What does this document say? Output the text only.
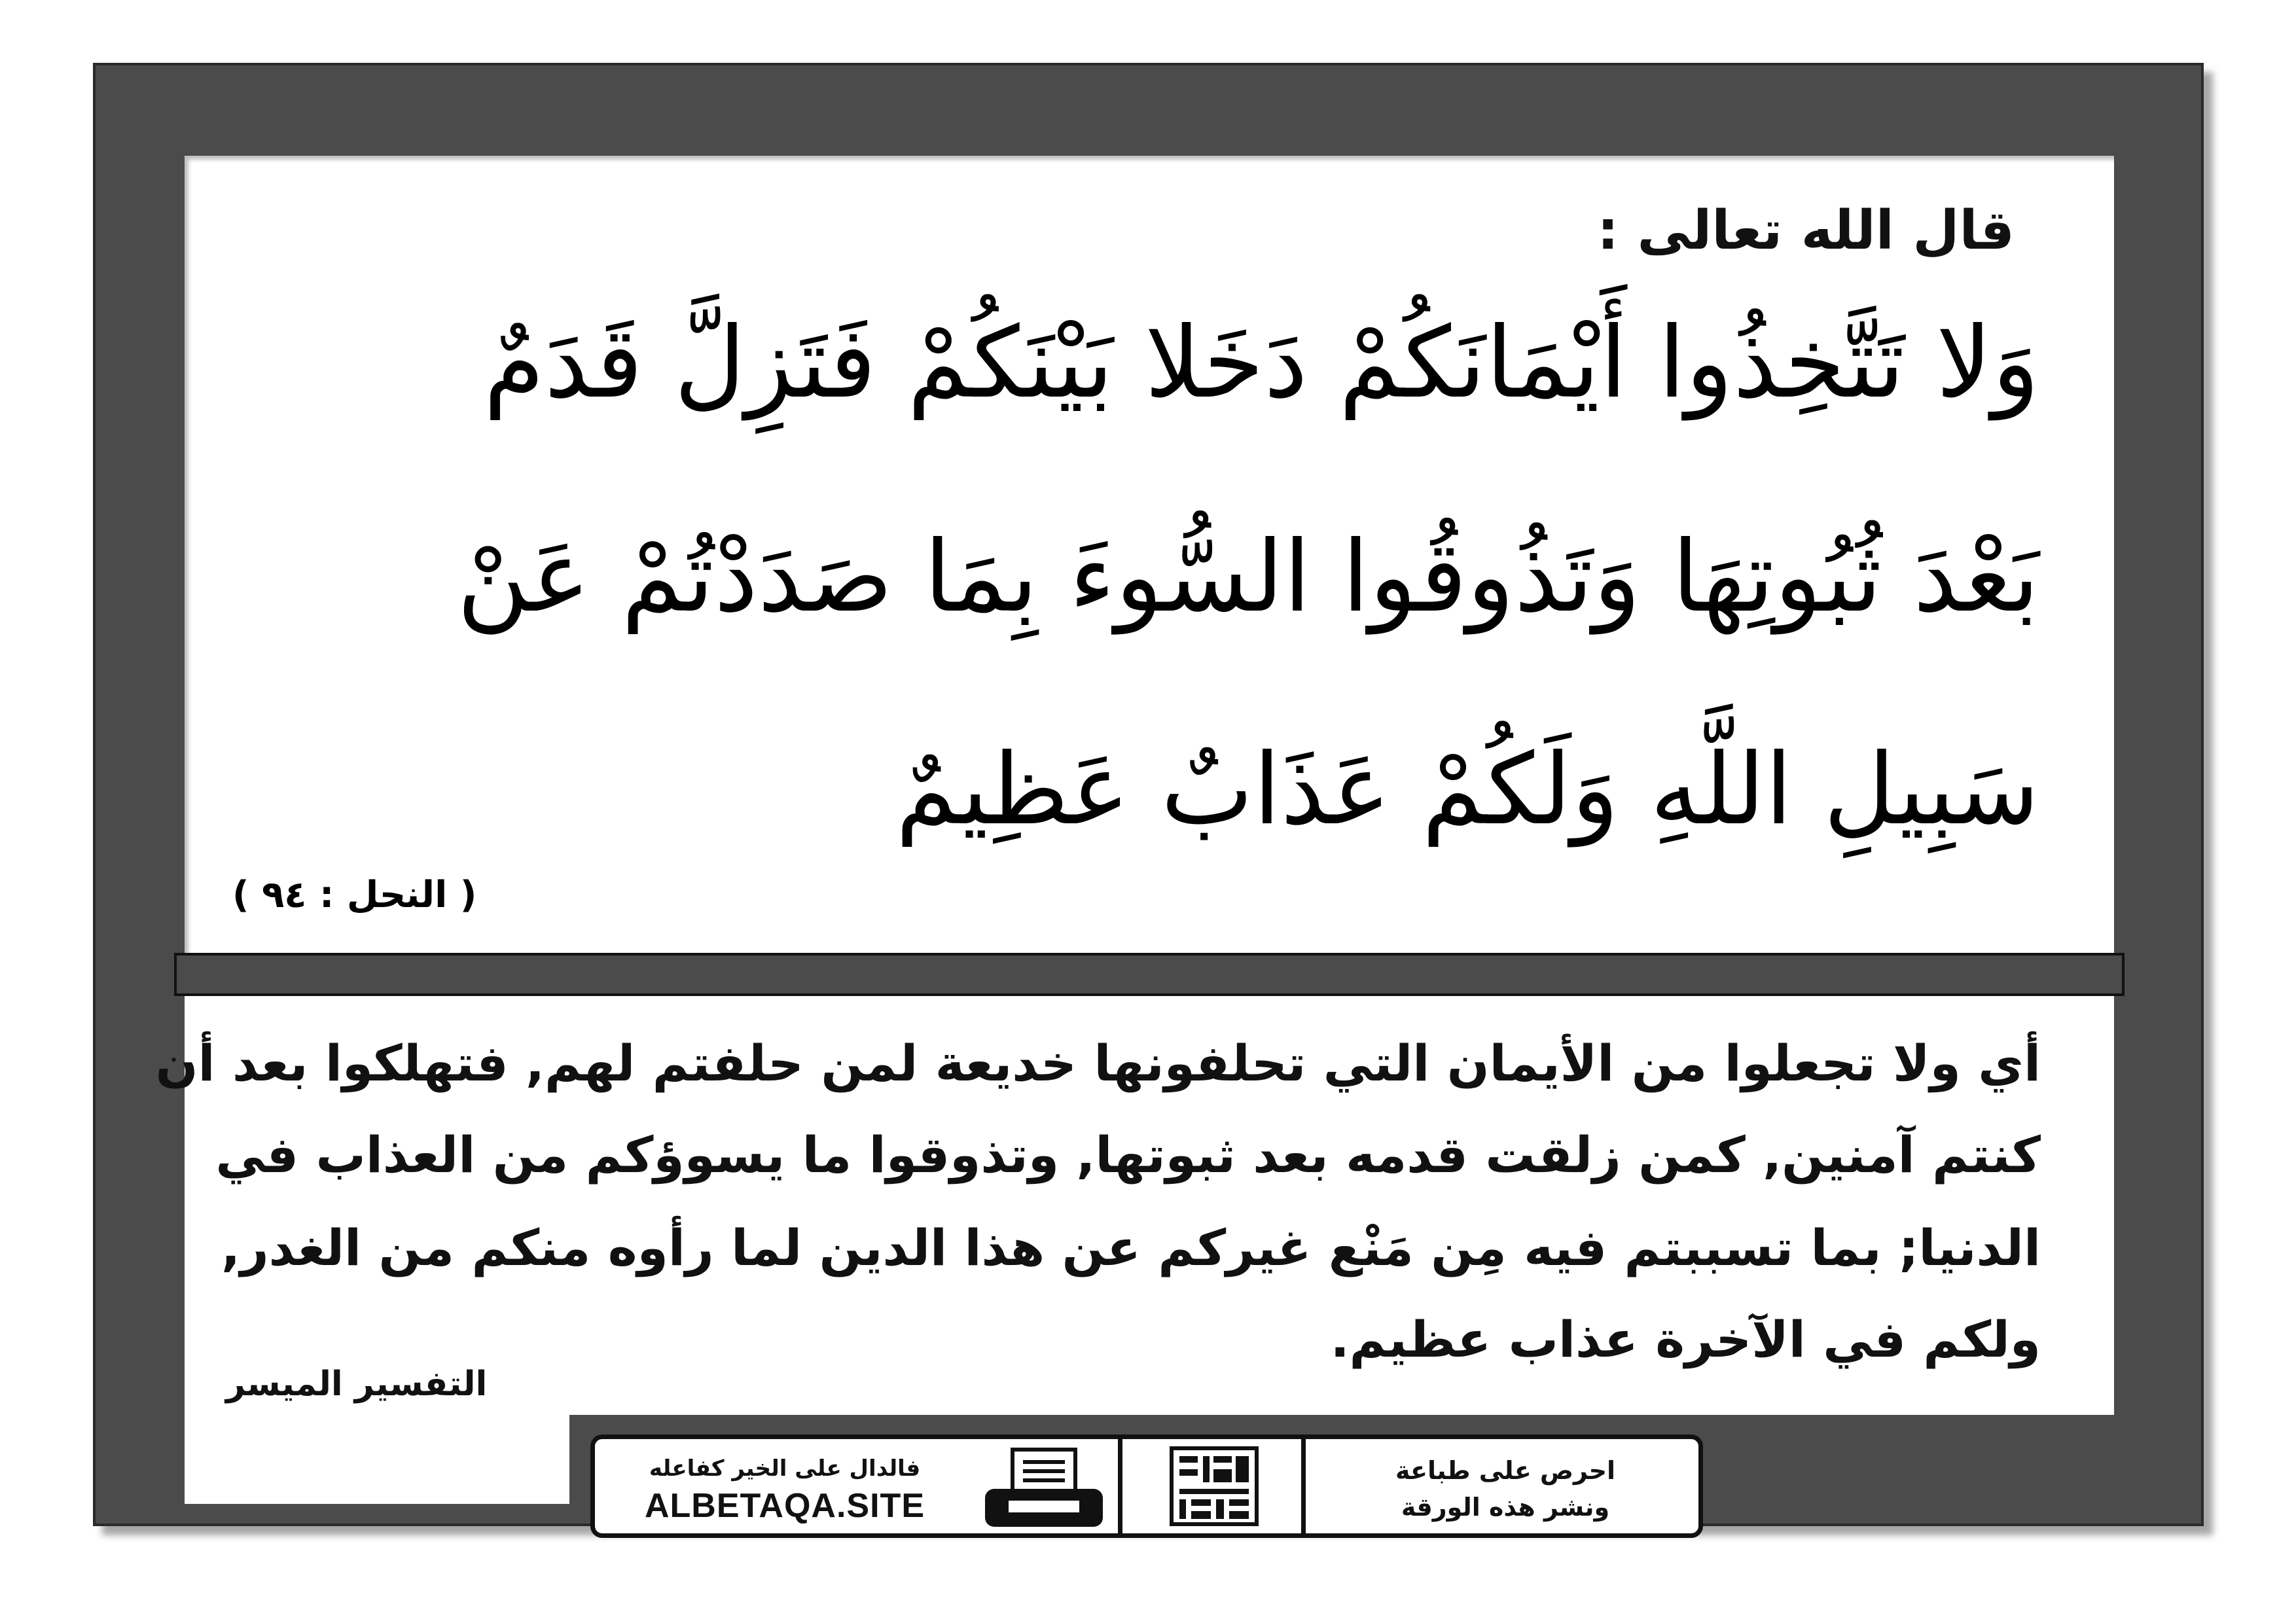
قال الله تعالى :
وَلا تَتَّخِذُوا أَيْمَانَكُمْ دَخَلا بَيْنَكُمْ فَتَزِلَّ قَدَمٌ
بَعْدَ ثُبُوتِهَا وَتَذُوقُوا السُّوءَ بِمَا صَدَدْتُمْ عَنْ
سَبِيلِ اللَّهِ وَلَكُمْ عَذَابٌ عَظِيمٌ
( النحل : ٩٤ )
أي ولا تجعلوا من الأيمان التي تحلفونها خديعة لمن حلفتم لهم, فتهلكوا بعد أن
كنتم آمنين, كمن زلقت قدمه بعد ثبوتها, وتذوقوا ما يسوؤكم من العذاب في
الدنيا; بما تسببتم فيه مِن مَنْع غيركم عن هذا الدين لما رأوه منكم من الغدر,
ولكم في الآخرة عذاب عظيم.
التفسير الميسر
احرص على طباعة
ونشر هذه الورقة
فالدال على الخير كفاعله
ALBETAQA.SITE
